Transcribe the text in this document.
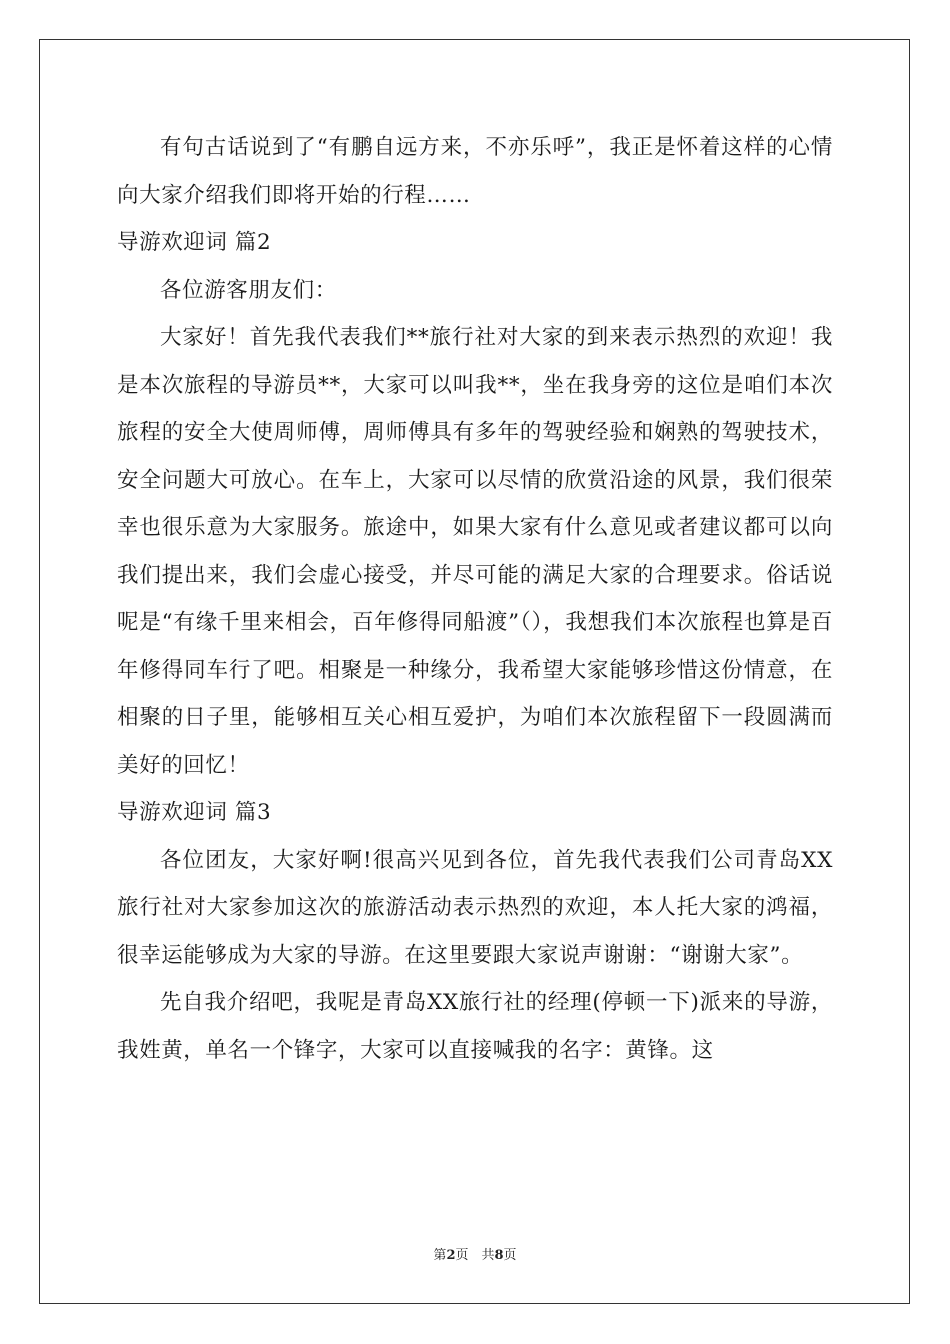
有句古话说到了“有鹏自远方来，不亦乐呼”，我正是怀着这样的心情向大家介绍我们即将开始的行程……

导游欢迎词 篇2

各位游客朋友们：

大家好！首先我代表我们**旅行社对大家的到来表示热烈的欢迎！我是本次旅程的导游员**，大家可以叫我**，坐在我身旁的这位是咱们本次旅程的安全大使周师傅，周师傅具有多年的驾驶经验和娴熟的驾驶技术，安全问题大可放心。在车上，大家可以尽情的欣赏沿途的风景，我们很荣幸也很乐意为大家服务。旅途中，如果大家有什么意见或者建议都可以向我们提出来，我们会虚心接受，并尽可能的满足大家的合理要求。俗话说呢是“有缘千里来相会，百年修得同船渡”（），我想我们本次旅程也算是百年修得同车行了吧。相聚是一种缘分，我希望大家能够珍惜这份情意，在相聚的日子里，能够相互关心相互爱护，为咱们本次旅程留下一段圆满而美好的回忆！

导游欢迎词 篇3

各位团友，大家好啊!很高兴见到各位，首先我代表我们公司青岛XX旅行社对大家参加这次的旅游活动表示热烈的欢迎，本人托大家的鸿福，很幸运能够成为大家的导游。在这里要跟大家说声谢谢：“谢谢大家”。

先自我介绍吧，我呢是青岛XX旅行社的经理(停顿一下)派来的导游，我姓黄，单名一个锋字，大家可以直接喊我的名字：黄锋。这

第2页　共8页
